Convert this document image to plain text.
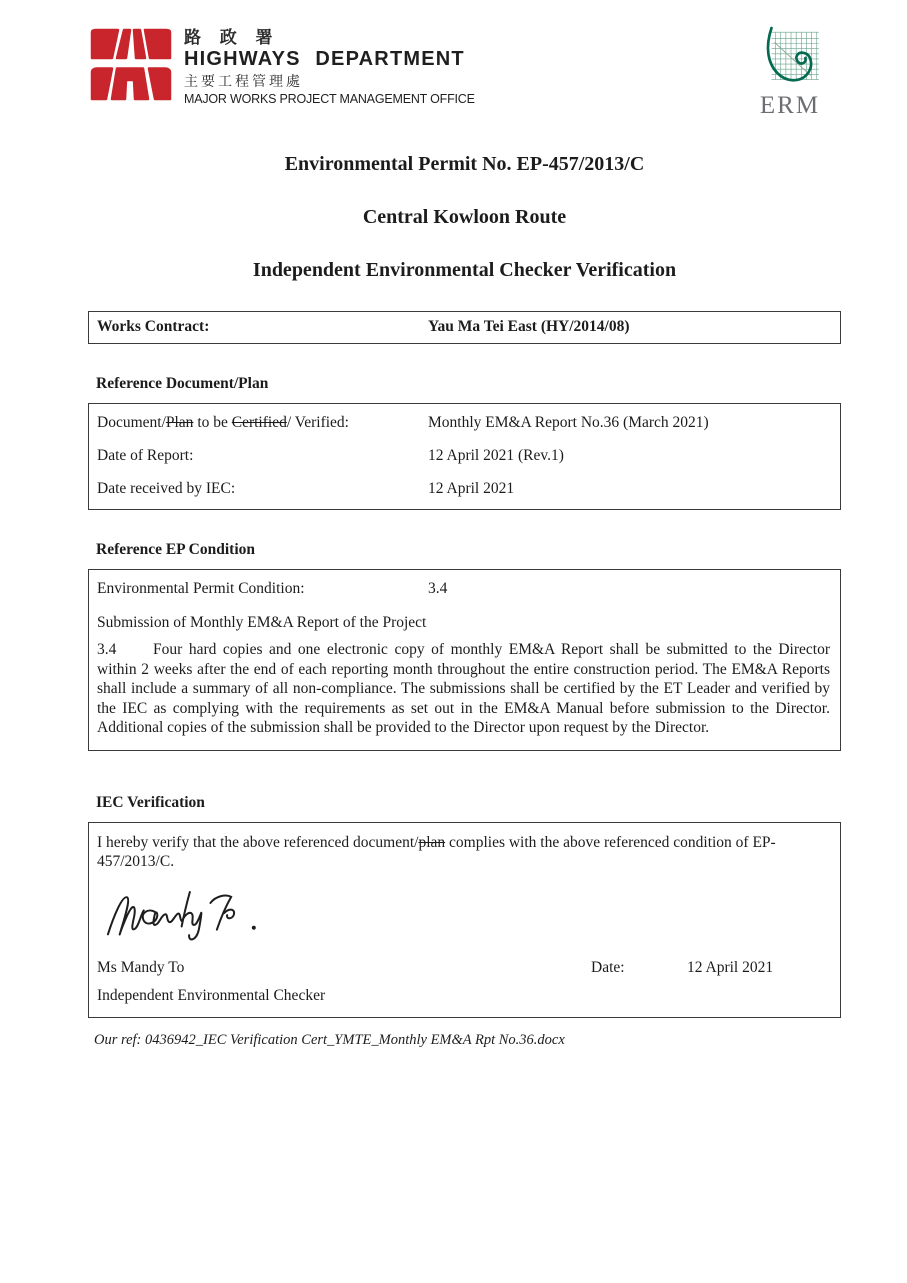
路 政 署
HIGHWAYS DEPARTMENT
主要工程管理處
MAJOR WORKS PROJECT MANAGEMENT OFFICE	ERM
Environmental Permit No. EP-457/2013/C
Central Kowloon Route
Independent Environmental Checker Verification
Works Contract:	Yau Ma Tei East (HY/2014/08)
Reference Document/Plan
Document/Plan to be Certified/ Verified:	Monthly EM&A Report No.36 (March 2021)
Date of Report:	12 April 2021 (Rev.1)
Date received by IEC:	12 April 2021
Reference EP Condition
Environmental Permit Condition:	3.4
Submission of Monthly EM&A Report of the Project
3.4 Four hard copies and one electronic copy of monthly EM&A Report shall be submitted to the Director within 2 weeks after the end of each reporting month throughout the entire construction period. The EM&A Reports shall include a summary of all non-compliance. The submissions shall be certified by the ET Leader and verified by the IEC as complying with the requirements as set out in the EM&A Manual before submission to the Director. Additional copies of the submission shall be provided to the Director upon request by the Director.
IEC Verification
I hereby verify that the above referenced document/plan complies with the above referenced condition of EP-457/2013/C.
Ms Mandy To	Date:	12 April 2021
Independent Environmental Checker
Our ref: 0436942_IEC Verification Cert_YMTE_Monthly EM&A Rpt No.36.docx
